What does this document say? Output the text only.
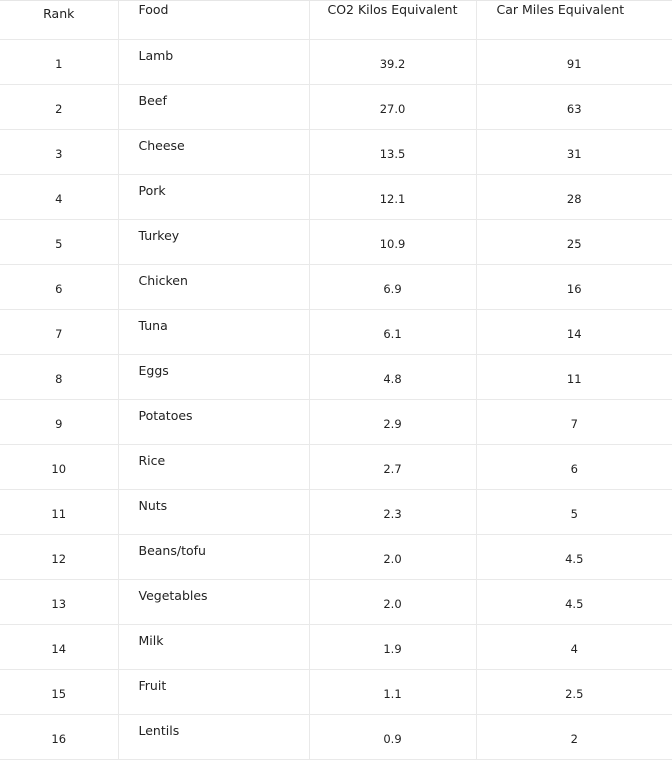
Rank	Food	CO2 Kilos Equivalent	Car Miles Equivalent
1	Lamb	39.2	91
2	Beef	27.0	63
3	Cheese	13.5	31
4	Pork	12.1	28
5	Turkey	10.9	25
6	Chicken	6.9	16
7	Tuna	6.1	14
8	Eggs	4.8	11
9	Potatoes	2.9	7
10	Rice	2.7	6
11	Nuts	2.3	5
12	Beans/tofu	2.0	4.5
13	Vegetables	2.0	4.5
14	Milk	1.9	4
15	Fruit	1.1	2.5
16	Lentils	0.9	2
